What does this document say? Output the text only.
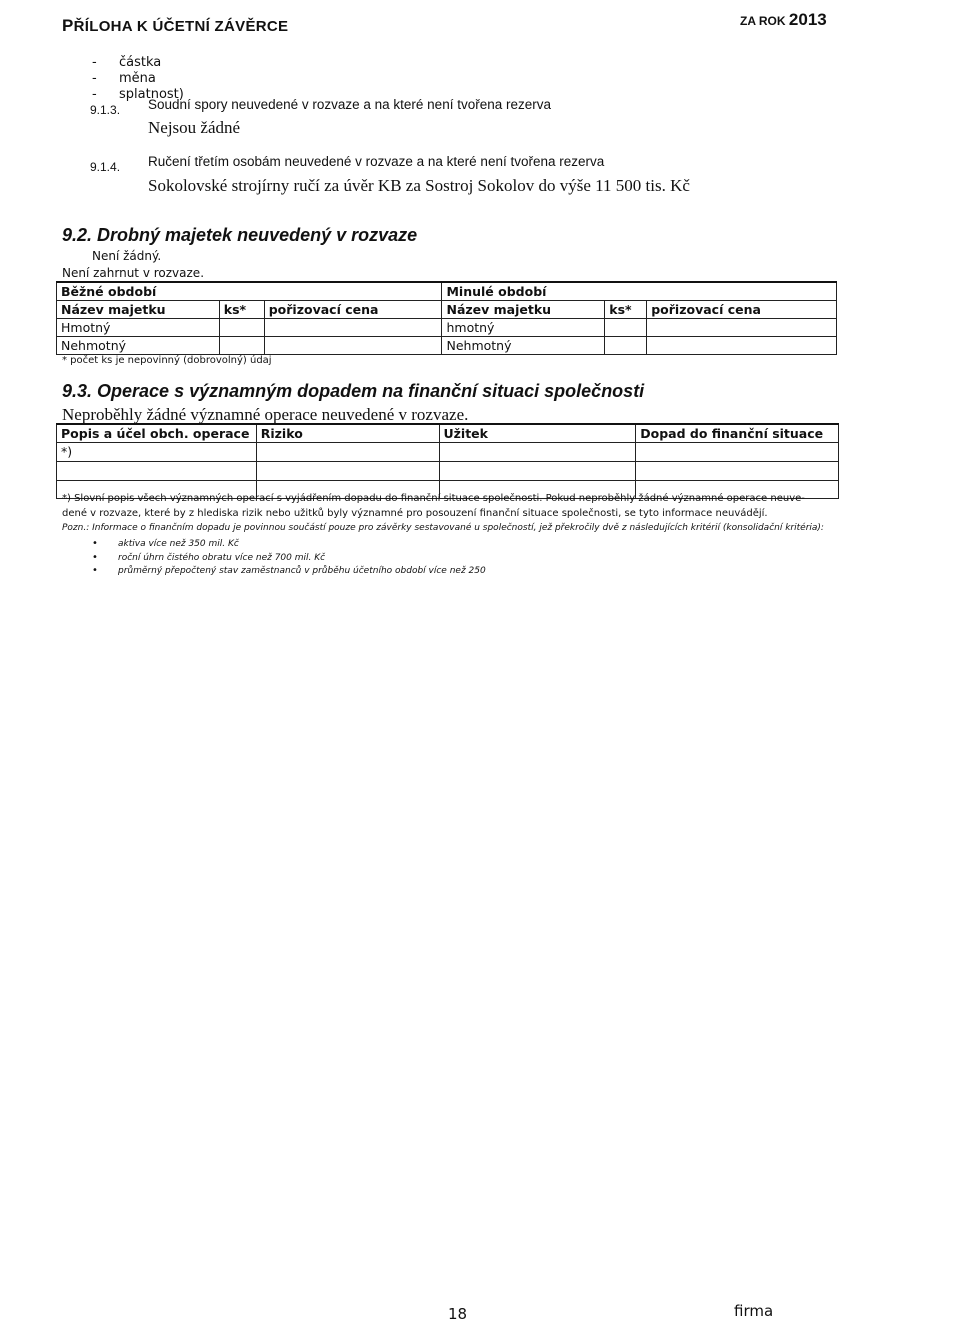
PŘÍLOHA K ÚČETNÍ ZÁVĚRCE	ZA ROK 2013
- částka
- měna
- splatnost)
9.1.3. Soudní spory neuvedené v rozvaze a na které není tvořena rezerva
Nejsou žádné
9.1.4. Ručení třetím osobám neuvedené v rozvaze a na které není tvořena rezerva
Sokolovské strojírny ručí za úvěr KB za Sostroj Sokolov do výše 11 500 tis. Kč
9.2. Drobný majetek neuvedený v rozvaze
Není žádný.
Není zahrnut v rozvaze.
Běžné období			Minulé období		
Název majetku	ks*	pořizovací cena	Název majetku	ks*	pořizovací cena
Hmotný			hmotný		
Nehmotný			Nehmotný		
* počet ks je nepovinný (dobrovolný) údaj
9.3. Operace s významným dopadem na finanční situaci společnosti
Neproběhly žádné významné operace neuvedené v rozvaze.
Popis a účel obch. operace	Riziko	Užitek	Dopad do finanční situace
*)			

*) Slovní popis všech významných operací s vyjádřením dopadu do finanční situace společnosti. Pokud neproběhly žádné významné operace neuve-
dené v rozvaze, které by z hlediska rizik nebo užitků byly významné pro posouzení finanční situace společnosti, se tyto informace neuvádějí.
Pozn.: Informace o finančním dopadu je povinnou součástí pouze pro závěrky sestavované u společností, jež překročily dvě z následujících kritérií (konsolidační kritéria):
• aktiva více než 350 mil. Kč
• roční úhrn čistého obratu více než 700 mil. Kč
• průměrný přepočtený stav zaměstnanců v průběhu účetního období více než 250
18	firma
